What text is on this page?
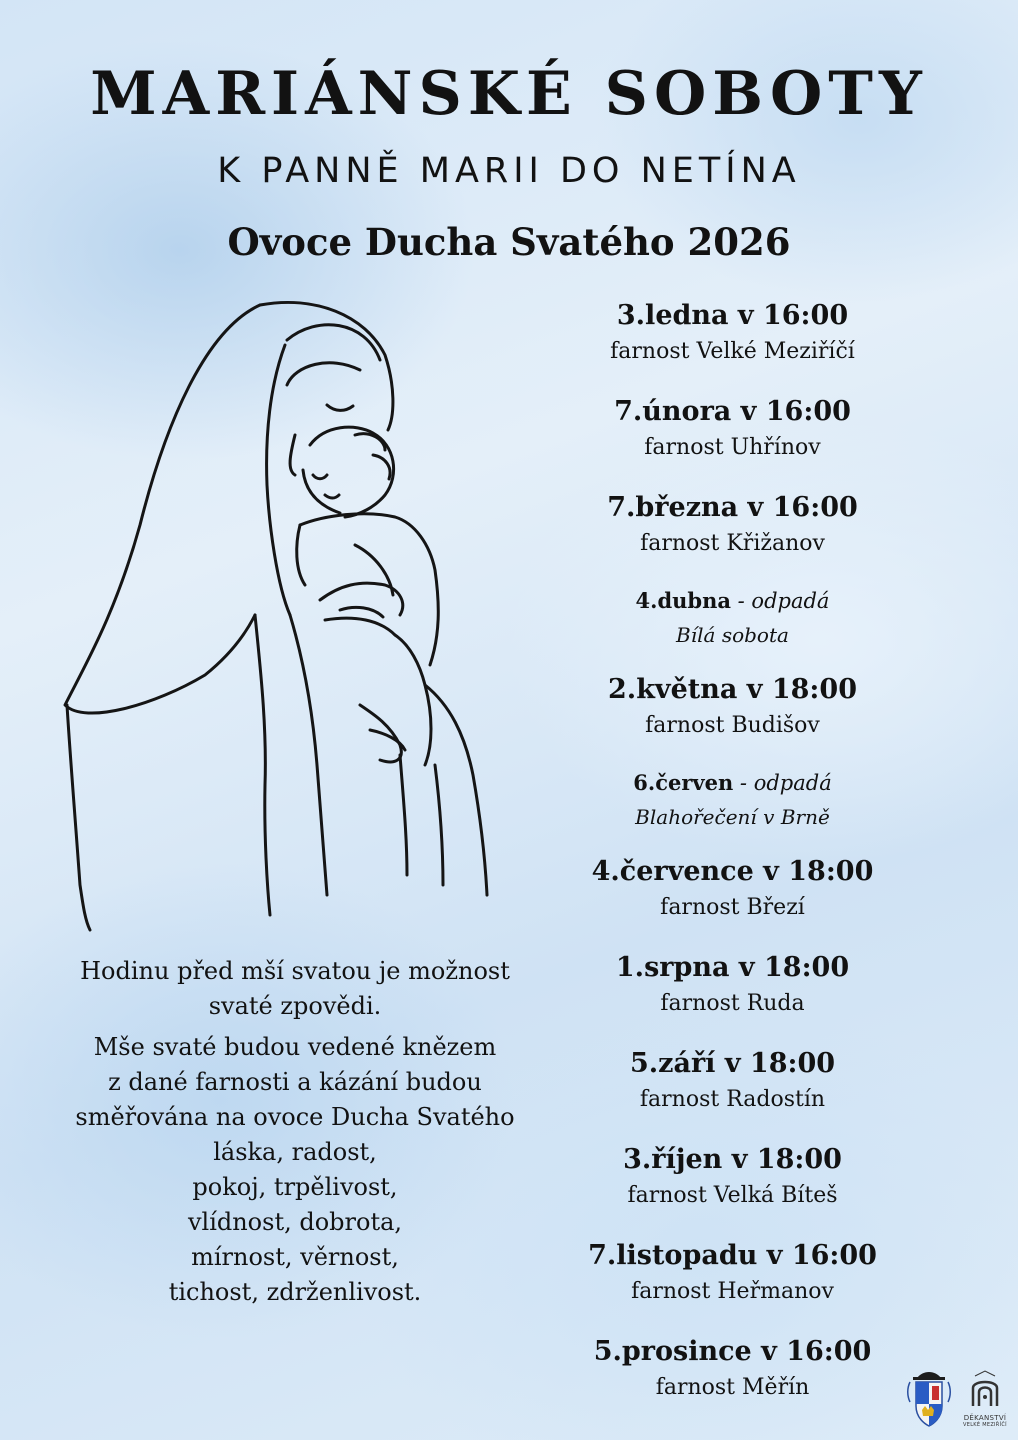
MARIÁNSKÉ SOBOTY
K PANNĚ MARII DO NETÍNA
Ovoce Ducha Svatého 2026

Hodinu před mší svatou je možnost
svaté zpovědi.

Mše svaté budou vedené knězem
z dané farnosti a kázání budou
směřována na ovoce Ducha Svatého
láska, radost,
pokoj, trpělivost,
vlídnost, dobrota,
mírnost, věrnost,
tichost, zdrženlivost.

3.ledna v 16:00
farnost Velké Meziříčí
7.února v 16:00
farnost Uhřínov
7.března v 16:00
farnost Křižanov
4.dubna - odpadá
Bílá sobota
2.května v 18:00
farnost Budišov
6.červen - odpadá
Blahořečení v Brně
4.července v 18:00
farnost Březí
1.srpna v 18:00
farnost Ruda
5.září v 18:00
farnost Radostín
3.říjen v 18:00
farnost Velká Bíteš
7.listopadu v 16:00
farnost Heřmanov
5.prosince v 16:00
farnost Měřín
DĚKANSTVÍ
VELKÉ MEZIŘÍČÍ
